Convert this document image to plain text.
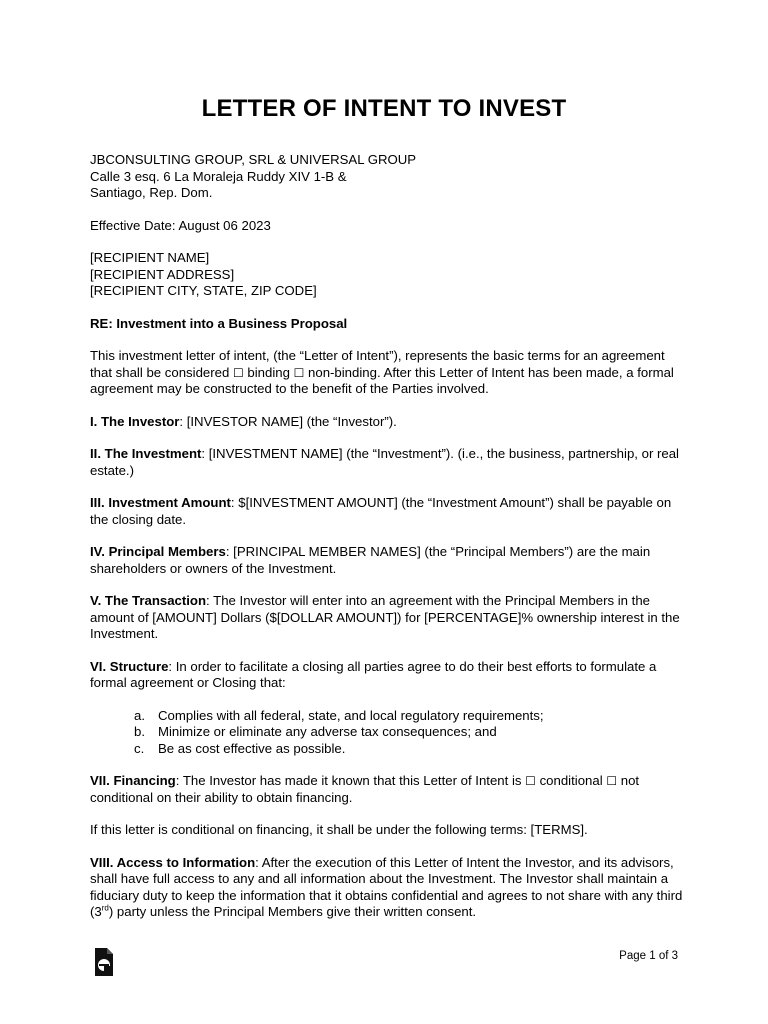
LETTER OF INTENT TO INVEST
JBCONSULTING GROUP, SRL & UNIVERSAL GROUP
Calle 3 esq. 6 La Moraleja Ruddy XIV 1-B &
Santiago, Rep. Dom.

Effective Date: August 06 2023

[RECIPIENT NAME]
[RECIPIENT ADDRESS]
[RECIPIENT CITY, STATE, ZIP CODE]

RE: Investment into a Business Proposal

This investment letter of intent, (the “Letter of Intent”), represents the basic terms for an agreement that shall be considered ☐ binding ☐ non-binding. After this Letter of Intent has been made, a formal agreement may be constructed to the benefit of the Parties involved.

I. The Investor: [INVESTOR NAME] (the “Investor”).

II. The Investment: [INVESTMENT NAME] (the “Investment”). (i.e., the business, partnership, or real estate.)

III. Investment Amount: $[INVESTMENT AMOUNT] (the “Investment Amount”) shall be payable on the closing date.

IV. Principal Members: [PRINCIPAL MEMBER NAMES] (the “Principal Members”) are the main shareholders or owners of the Investment.

V. The Transaction: The Investor will enter into an agreement with the Principal Members in the amount of [AMOUNT] Dollars ($[DOLLAR AMOUNT]) for [PERCENTAGE]% ownership interest in the Investment.

VI. Structure: In order to facilitate a closing all parties agree to do their best efforts to formulate a formal agreement or Closing that:

a. Complies with all federal, state, and local regulatory requirements;
b. Minimize or eliminate any adverse tax consequences; and
c.	Be as cost effective as possible.

VII. Financing: The Investor has made it known that this Letter of Intent is ☐ conditional ☐ not conditional on their ability to obtain financing.

If this letter is conditional on financing, it shall be under the following terms: [TERMS].

VIII. Access to Information: After the execution of this Letter of Intent the Investor, and its advisors, shall have full access to any and all information about the Investment. The Investor shall maintain a fiduciary duty to keep the information that it obtains confidential and agrees to not share with any third (3rd) party unless the Principal Members give their written consent.

Page 1 of 3
